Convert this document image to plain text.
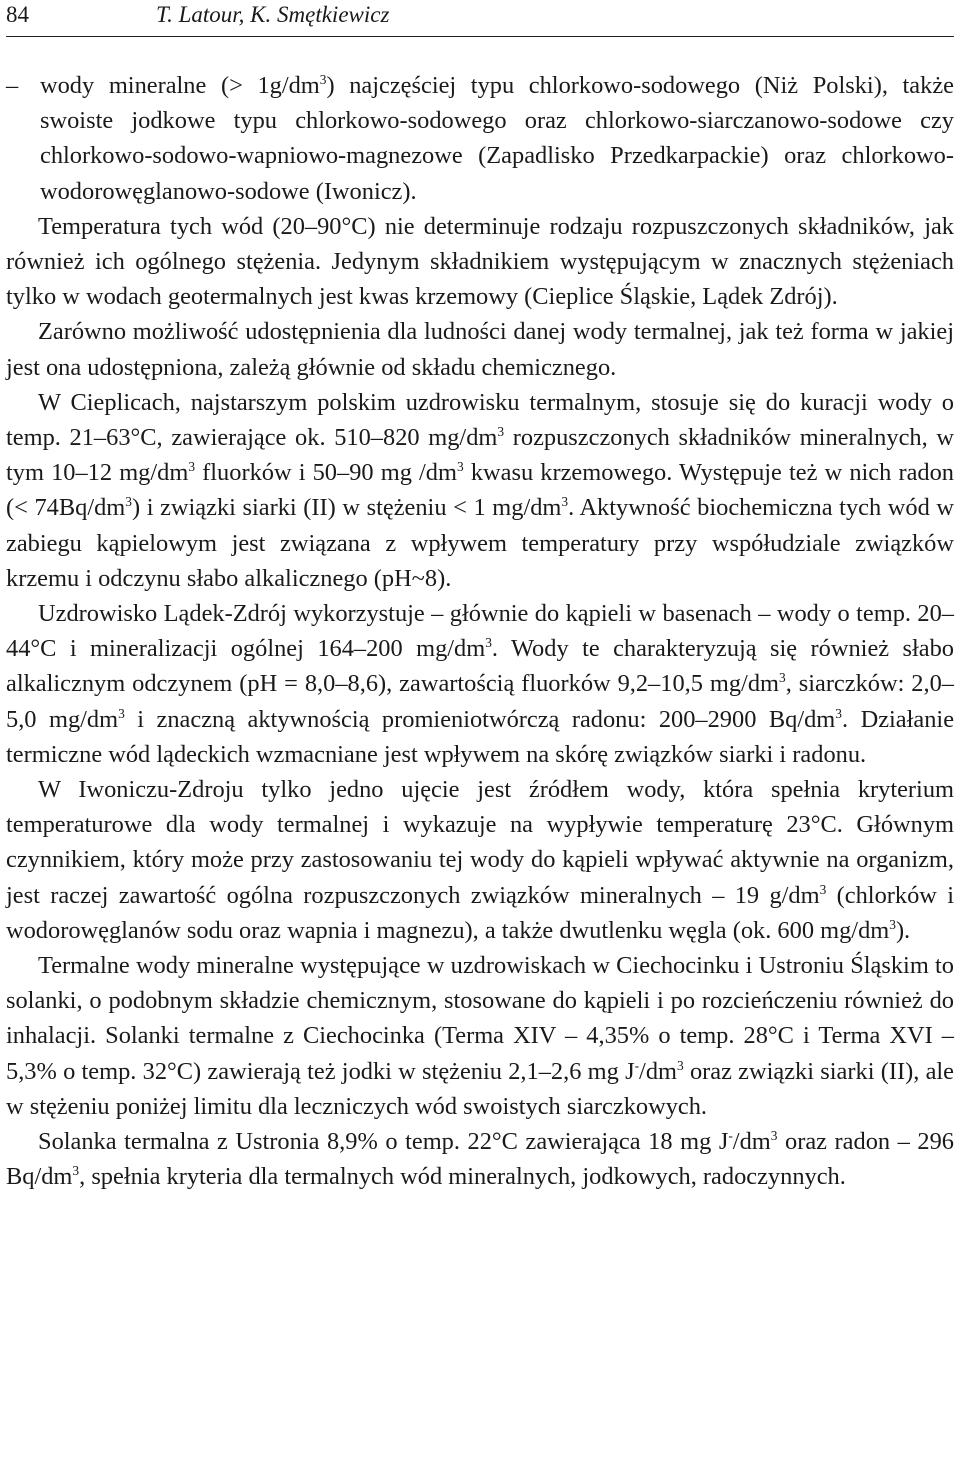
84	T. Latour, K. Smętkiewicz

– wody mineralne (> $1g/dm^3$) najczęściej typu chlorkowo-sodowego (Niż Polski), także swoiste jodkowe typu chlorkowo-sodowego oraz chlorkowo-siarczanowo-sodowe czy chlorkowo-sodowo-wapniowo-magnezowe (Zapadlisko Przedkarpackie) oraz chlorkowo-wodorowęglanowo-sodowe (Iwonicz).

Temperatura tych wód (20–90°C) nie determinuje rodzaju rozpuszczonych składników, jak również ich ogólnego stężenia. Jedynym składnikiem występującym w znacznych stężeniach tylko w wodach geotermalnych jest kwas krzemowy (Cieplice Śląskie, Lądek Zdrój).

Zarówno możliwość udostępnienia dla ludności danej wody termalnej, jak też forma w jakiej jest ona udostępniona, zależą głównie od składu chemicznego.

W Cieplicach, najstarszym polskim uzdrowisku termalnym, stosuje się do kuracji wody o temp. 21–63°C, zawierające ok. 510–820 $mg/dm^3$ rozpuszczonych składników mineralnych, w tym 10–12 $mg/dm^3$ fluorków i 50–90 mg $/dm^3$ kwasu krzemowego. Występuje też w nich radon (< $74Bq/dm^3$) i związki siarki (II) w stężeniu < 1 $mg/dm^3$. Aktywność biochemiczna tych wód w zabiegu kąpielowym jest związana z wpływem temperatury przy współudziale związków krzemu i odczynu słabo alkalicznego (pH~8).

Uzdrowisko Lądek-Zdrój wykorzystuje – głównie do kąpieli w basenach – wody o temp. 20–44°C i mineralizacji ogólnej 164–200 $mg/dm^3$. Wody te charakteryzują się również słabo alkalicznym odczynem (pH = 8,0–8,6), zawartością fluorków 9,2–10,5 $mg/dm^3$, siarczków: 2,0–5,0 $mg/dm^3$ i znaczną aktywnością promieniotwórczą radonu: 200–2900 $Bq/dm^3$. Działanie termiczne wód lądeckich wzmacniane jest wpływem na skórę związków siarki i radonu.

W Iwoniczu-Zdroju tylko jedno ujęcie jest źródłem wody, która spełnia kryterium temperaturowe dla wody termalnej i wykazuje na wypływie temperaturę 23°C. Głównym czynnikiem, który może przy zastosowaniu tej wody do kąpieli wpływać aktywnie na organizm, jest raczej zawartość ogólna rozpuszczonych związków mineralnych – 19 $g/dm^3$ (chlorków i wodorowęglanów sodu oraz wapnia i magnezu), a także dwutlenku węgla (ok. 600 $mg/dm^3$).

Termalne wody mineralne występujące w uzdrowiskach w Ciechocinku i Ustroniu Śląskim to solanki, o podobnym składzie chemicznym, stosowane do kąpieli i po rozcieńczeniu również do inhalacji. Solanki termalne z Ciechocinka (Terma XIV – 4,35% o temp. 28°C i Terma XVI – 5,3% o temp. 32°C) zawierają też jodki w stężeniu 2,1–2,6 mg $J^-/dm^3$ oraz związki siarki (II), ale w stężeniu poniżej limitu dla leczniczych wód swoistych siarczkowych.

Solanka termalna z Ustronia 8,9% o temp. 22°C zawierająca 18 mg $J^-/dm^3$ oraz radon – 296 $Bq/dm^3$, spełnia kryteria dla termalnych wód mineralnych, jodkowych, radoczynnych.
